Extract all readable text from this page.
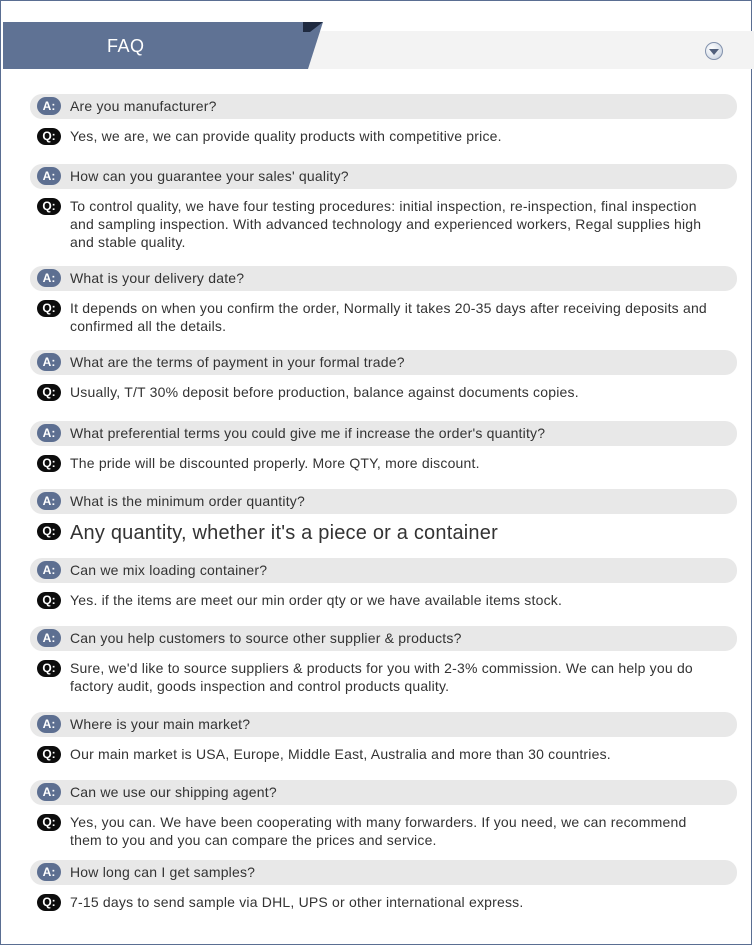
FAQ
A:	Are you manufacturer?
Q:	Yes, we are, we can provide quality products with competitive price.

A:	How can you guarantee your sales' quality?
Q:	To control quality, we have four testing procedures: initial inspection, re-inspection, final inspection and sampling inspection. With advanced technology and experienced workers, Regal supplies high and stable quality.

A:	What is your delivery date?
Q:	It depends on when you confirm the order, Normally it takes 20-35 days after receiving deposits and confirmed all the details.

A:	What are the terms of payment in your formal trade?
Q:	Usually, T/T 30% deposit before production, balance against documents copies.

A:	What preferential terms you could give me if increase the order's quantity?
Q:	The pride will be discounted properly. More QTY, more discount.

A:	What is the minimum order quantity?
Q: Any quantity, whether it's a piece or a container

A:	Can we mix loading container?
Q:	Yes. if the items are meet our min order qty or we have available items stock.

A:	Can you help customers to source other supplier & products?
Q:	Sure, we'd like to source suppliers & products for you with 2-3% commission. We can help you do factory audit, goods inspection and control products quality.

A:	Where is your main market?
Q:	Our main market is USA, Europe, Middle East, Australia and more than 30 countries.

A:	Can we use our shipping agent?
Q:	Yes, you can. We have been cooperating with many forwarders. If you need, we can recommend them to you and you can compare the prices and service.

A:	How long can I get samples?
Q:	7-15 days to send sample via DHL, UPS or other international express.
